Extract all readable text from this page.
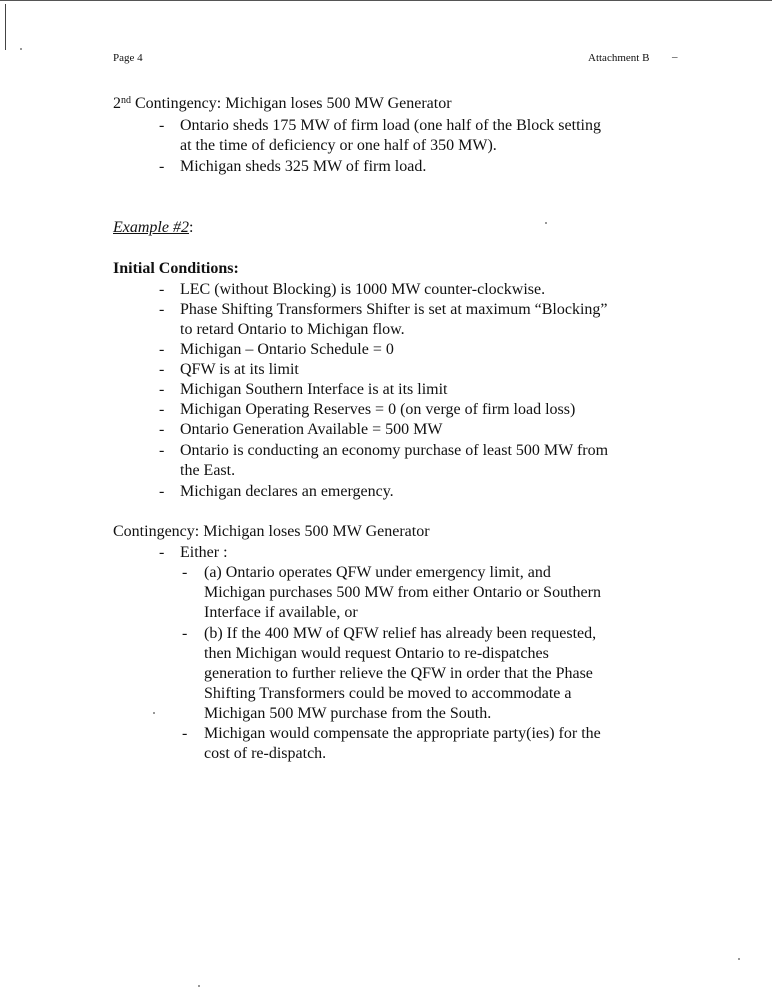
Page 4	Attachment B –
2nd Contingency: Michigan loses 500 MW Generator
- Ontario sheds 175 MW of firm load (one half of the Block setting
at the time of deficiency or one half of 350 MW).
- Michigan sheds 325 MW of firm load.
Example #2:
Initial Conditions:
- LEC (without Blocking) is 1000 MW counter-clockwise.
- Phase Shifting Transformers Shifter is set at maximum “Blocking”
to retard Ontario to Michigan flow.
- Michigan – Ontario Schedule = 0
- QFW is at its limit
- Michigan Southern Interface is at its limit
- Michigan Operating Reserves = 0 (on verge of firm load loss)
- Ontario Generation Available = 500 MW
- Ontario is conducting an economy purchase of least 500 MW from
the East.
- Michigan declares an emergency.
Contingency: Michigan loses 500 MW Generator
- Either :
- (a) Ontario operates QFW under emergency limit, and
Michigan purchases 500 MW from either Ontario or Southern
Interface if available, or
- (b) If the 400 MW of QFW relief has already been requested,
then Michigan would request Ontario to re-dispatches
generation to further relieve the QFW in order that the Phase
Shifting Transformers could be moved to accommodate a
Michigan 500 MW purchase from the South.
- Michigan would compensate the appropriate party(ies) for the
cost of re-dispatch.
